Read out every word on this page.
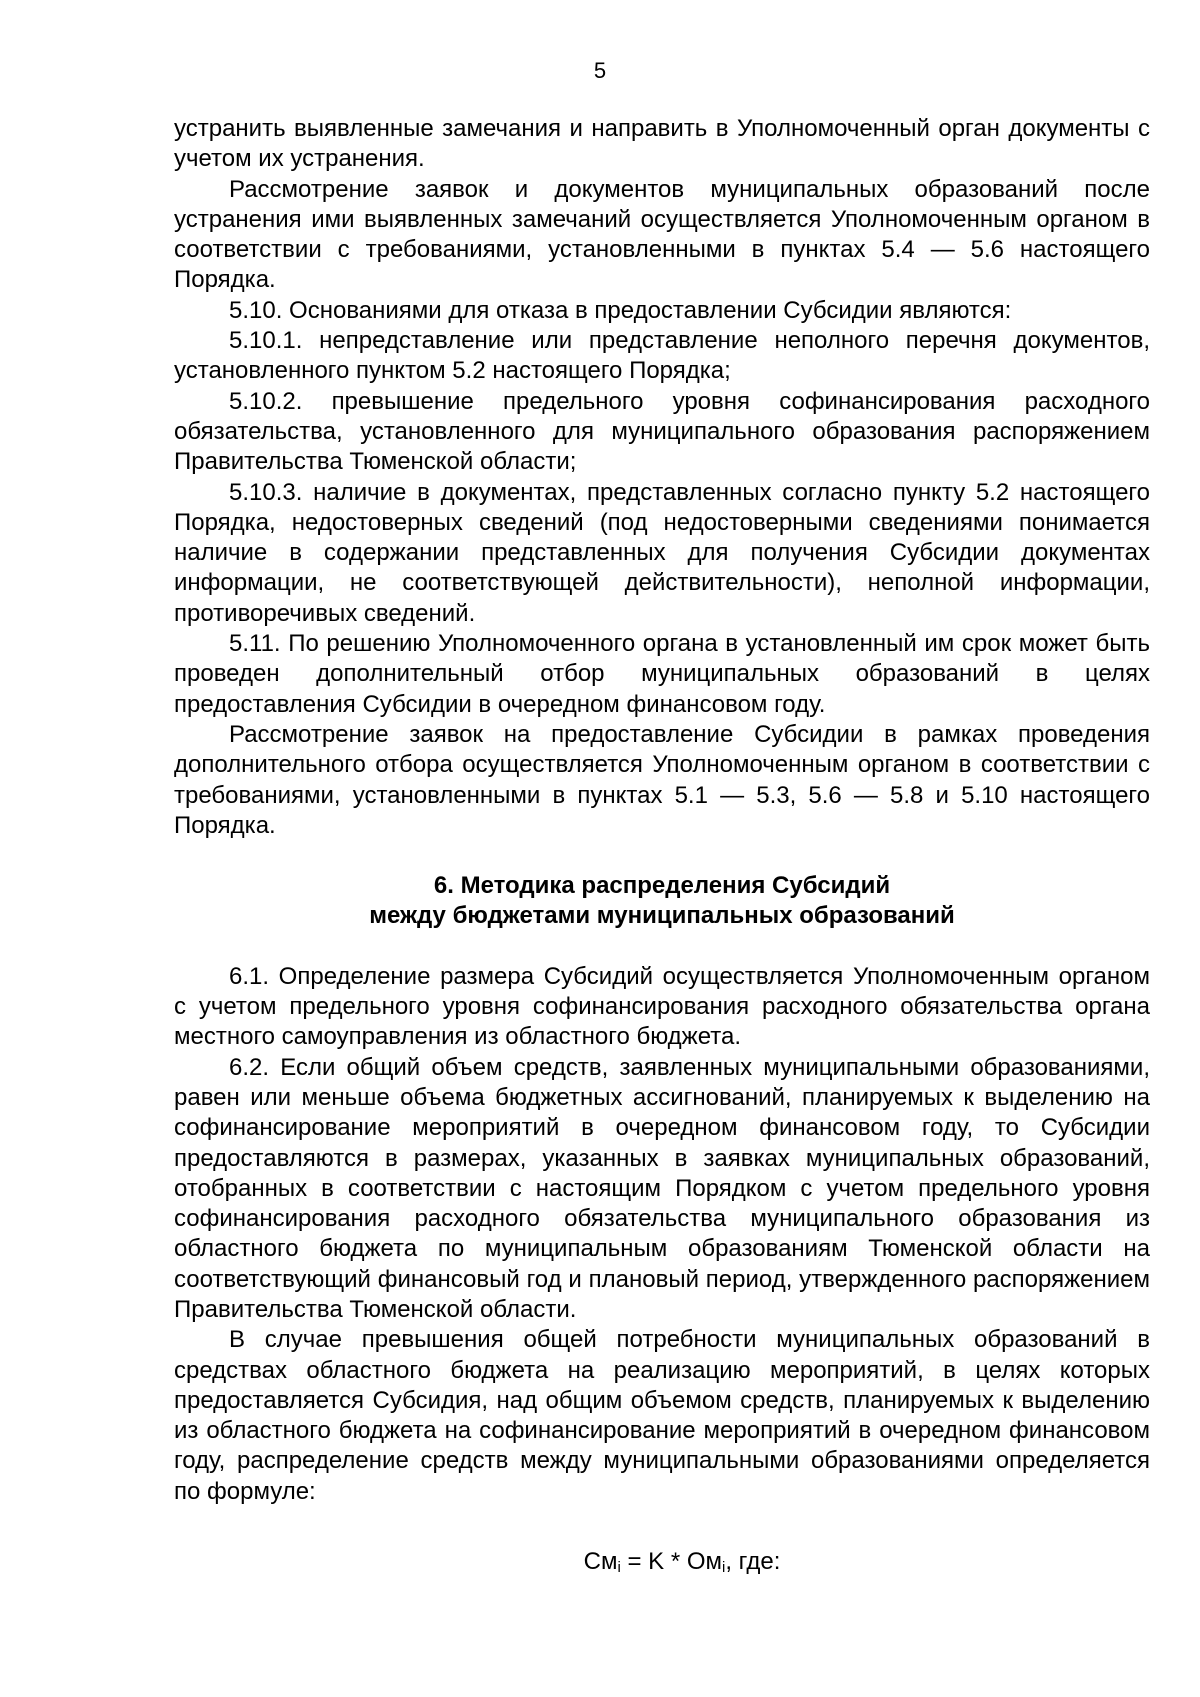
5

устранить выявленные замечания и направить в Уполномоченный орган документы с учетом их устранения.

Рассмотрение заявок и документов муниципальных образований после устранения ими выявленных замечаний осуществляется Уполномоченным органом в соответствии с требованиями, установленными в пунктах 5.4 — 5.6 настоящего Порядка.

5.10. Основаниями для отказа в предоставлении Субсидии являются:

5.10.1. непредставление или представление неполного перечня документов, установленного пунктом 5.2 настоящего Порядка;

5.10.2. превышение предельного уровня софинансирования расходного обязательства, установленного для муниципального образования распоряжением Правительства Тюменской области;

5.10.3. наличие в документах, представленных согласно пункту 5.2 настоящего Порядка, недостоверных сведений (под недостоверными сведениями понимается наличие в содержании представленных для получения Субсидии документах информации, не соответствующей действительности), неполной информации, противоречивых сведений.

5.11. По решению Уполномоченного органа в установленный им срок может быть проведен дополнительный отбор муниципальных образований в целях предоставления Субсидии в очередном финансовом году.

Рассмотрение заявок на предоставление Субсидии в рамках проведения дополнительного отбора осуществляется Уполномоченным органом в соответствии с требованиями, установленными в пунктах 5.1 — 5.3, 5.6 — 5.8 и 5.10 настоящего Порядка.

6. Методика распределения Субсидий

между бюджетами муниципальных образований

6.1. Определение размера Субсидий осуществляется Уполномоченным органом с учетом предельного уровня софинансирования расходного обязательства органа местного самоуправления из областного бюджета.

6.2. Если общий объем средств, заявленных муниципальными образованиями, равен или меньше объема бюджетных ассигнований, планируемых к выделению на софинансирование мероприятий в очередном финансовом году, то Субсидии предоставляются в размерах, указанных в заявках муниципальных образований, отобранных в соответствии с настоящим Порядком с учетом предельного уровня софинансирования расходного обязательства муниципального образования из областного бюджета по муниципальным образованиям Тюменской области на соответствующий финансовый год и плановый период, утвержденного распоряжением Правительства Тюменской области.

В случае превышения общей потребности муниципальных образований в средствах областного бюджета на реализацию мероприятий, в целях которых предоставляется Субсидия, над общим объемом средств, планируемых к выделению из областного бюджета на софинансирование мероприятий в очередном финансовом году, распределение средств между муниципальными образованиями определяется по формуле:

$См_i = K * Ом_i$, где:
